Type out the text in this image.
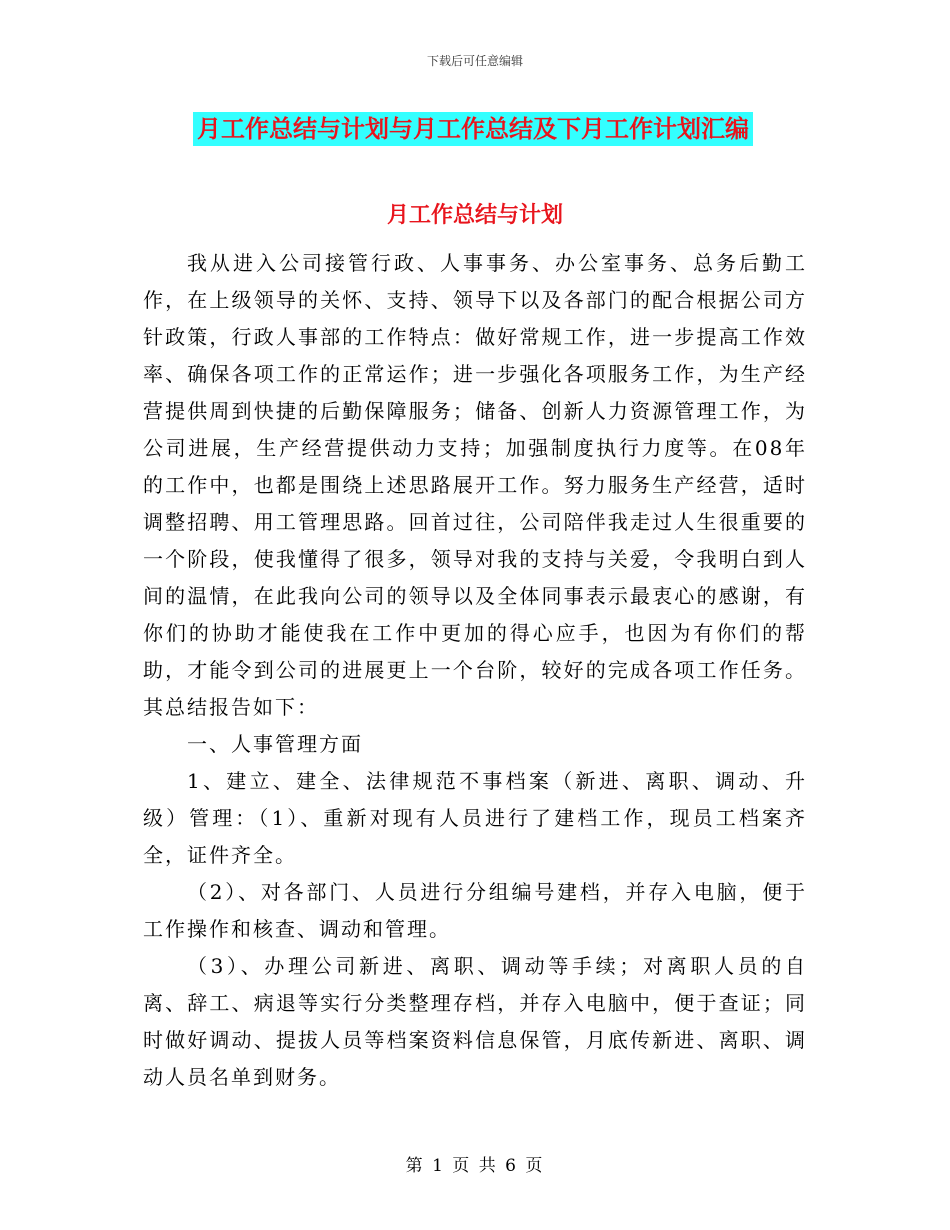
下载后可任意编辑
月工作总结与计划与月工作总结及下月工作计划汇编
月工作总结与计划

我从进入公司接管行政、人事事务、办公室事务、总务后勤工作，在上级领导的关怀、支持、领导下以及各部门的配合根据公司方针政策，行政人事部的工作特点：做好常规工作，进一步提高工作效率、确保各项工作的正常运作；进一步强化各项服务工作，为生产经营提供周到快捷的后勤保障服务；储备、创新人力资源管理工作，为公司进展，生产经营提供动力支持；加强制度执行力度等。在08年的工作中，也都是围绕上述思路展开工作。努力服务生产经营，适时调整招聘、用工管理思路。回首过往，公司陪伴我走过人生很重要的一个阶段，使我懂得了很多，领导对我的支持与关爱，令我明白到人间的温情，在此我向公司的领导以及全体同事表示最衷心的感谢，有你们的协助才能使我在工作中更加的得心应手，也因为有你们的帮助，才能令到公司的进展更上一个台阶，较好的完成各项工作任务。其总结报告如下：

一、人事管理方面

1、建立、建全、法律规范不事档案（新进、离职、调动、升级）管理：（1）、重新对现有人员进行了建档工作，现员工档案齐全，证件齐全。

（2）、对各部门、人员进行分组编号建档，并存入电脑，便于工作操作和核查、调动和管理。

（3）、办理公司新进、离职、调动等手续；对离职人员的自离、辞工、病退等实行分类整理存档，并存入电脑中，便于查证；同时做好调动、提拔人员等档案资料信息保管，月底传新进、离职、调动人员名单到财务。

第 1 页 共 6 页
